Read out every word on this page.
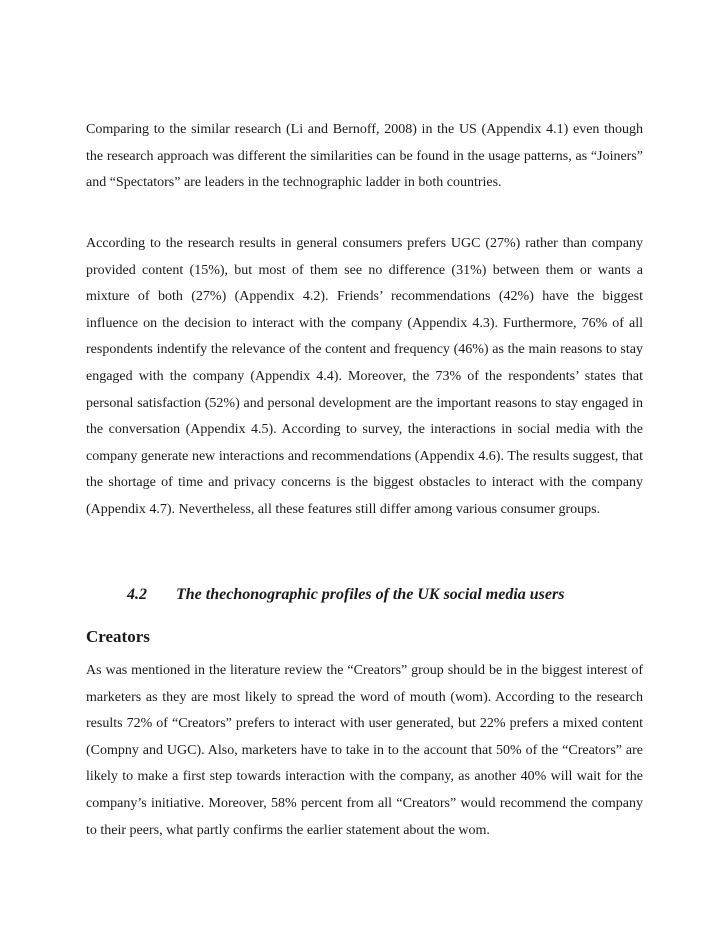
Comparing to the similar research (Li and Bernoff, 2008) in the US (Appendix 4.1) even though the research approach was different the similarities can be found in the usage patterns, as “Joiners” and “Spectators” are leaders in the technographic ladder in both countries.

According to the research results in general consumers prefers UGC (27%) rather than company provided content (15%), but most of them see no difference (31%) between them or wants a mixture of both (27%) (Appendix 4.2). Friends’ recommendations (42%) have the biggest influence on the decision to interact with the company (Appendix 4.3). Furthermore, 76% of all respondents indentify the relevance of the content and frequency (46%) as the main reasons to stay engaged with the company (Appendix 4.4). Moreover, the 73% of the respondents’ states that personal satisfaction (52%) and personal development are the important reasons to stay engaged in the conversation (Appendix 4.5). According to survey, the interactions in social media with the company generate new interactions and recommendations (Appendix 4.6). The results suggest, that the shortage of time and privacy concerns is the biggest obstacles to interact with the company (Appendix 4.7). Nevertheless, all these features still differ among various consumer groups.

4.2 The thechonographic profiles of the UK social media users
Creators

As was mentioned in the literature review the “Creators” group should be in the biggest interest of marketers as they are most likely to spread the word of mouth (wom). According to the research results 72% of “Creators” prefers to interact with user generated, but 22% prefers a mixed content (Compny and UGC). Also, marketers have to take in to the account that 50% of the “Creators” are likely to make a first step towards interaction with the company, as another 40% will wait for the company’s initiative. Moreover, 58% percent from all “Creators” would recommend the company to their peers, what partly confirms the earlier statement about the wom.
